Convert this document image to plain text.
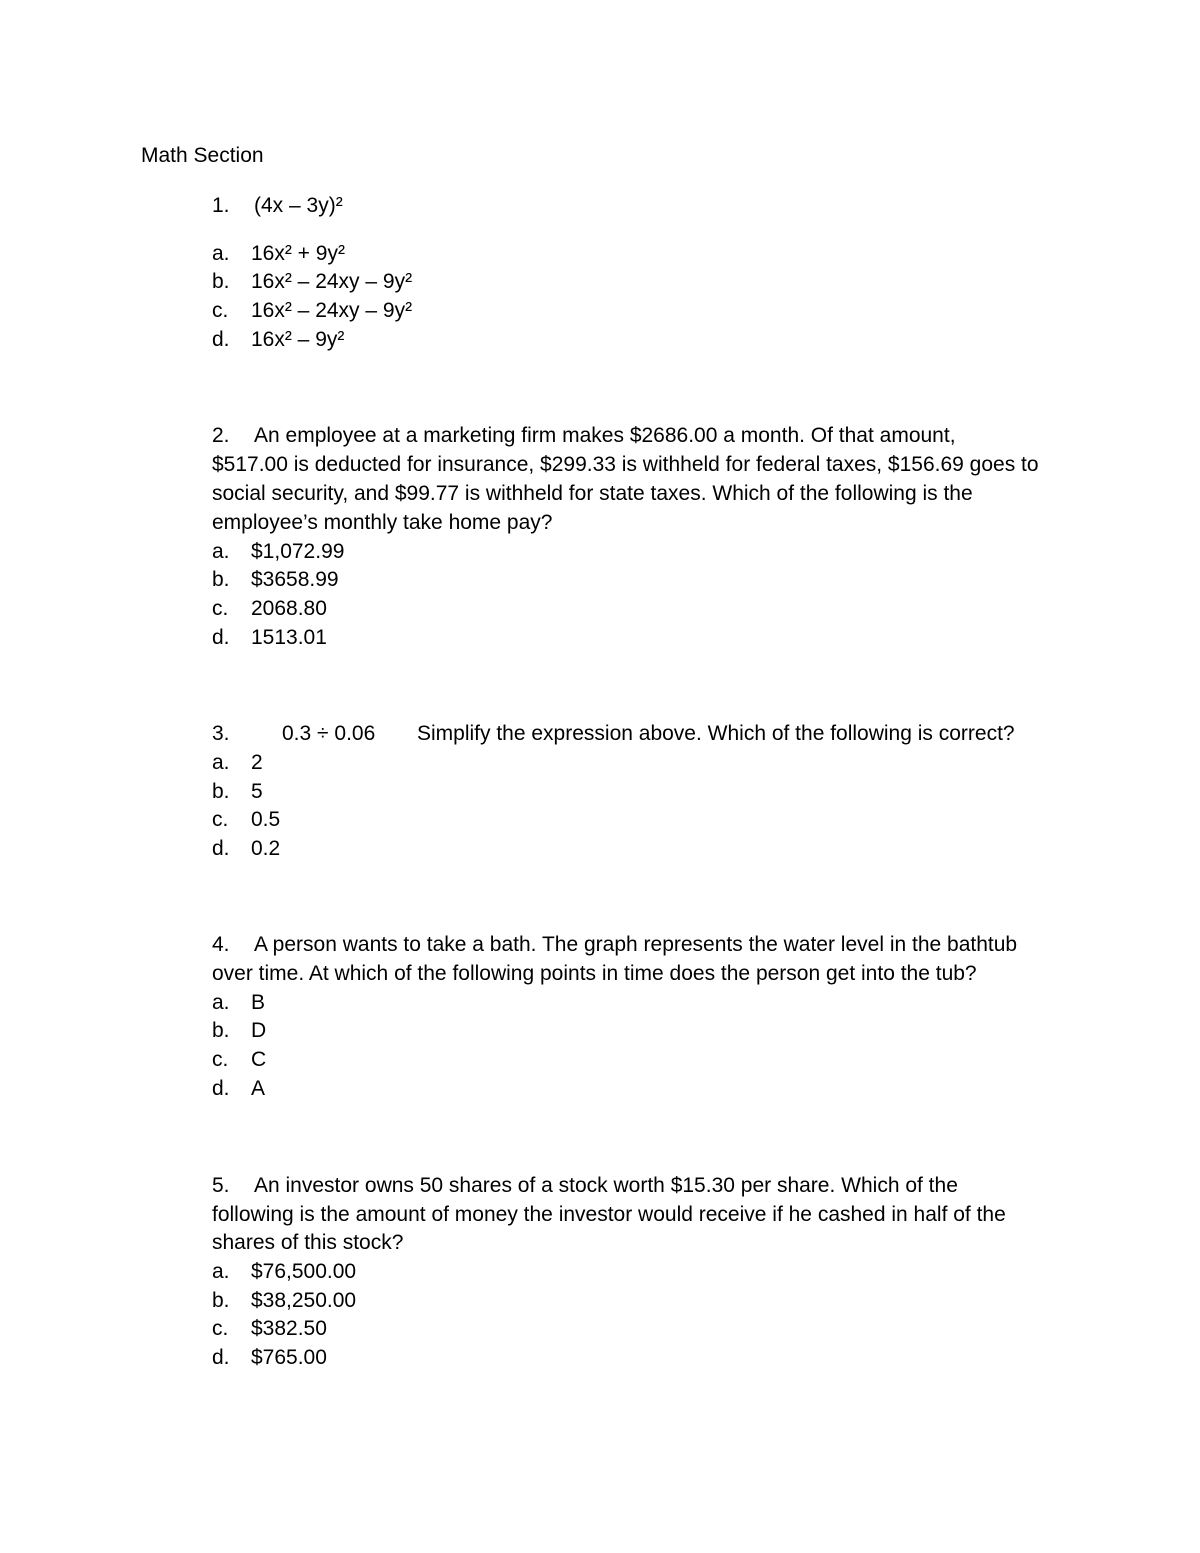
Math Section
1. (4x – 3y)²
a. 16x² + 9y²
b. 16x² – 24xy – 9y²
c. 16x² – 24xy – 9y²
d. 16x² – 9y²
2. An employee at a marketing firm makes $2686.00 a month. Of that amount,
$517.00 is deducted for insurance, $299.33 is withheld for federal taxes, $156.69 goes to
social security, and $99.77 is withheld for state taxes. Which of the following is the
employee’s monthly take home pay?
a. $1,072.99
b. $3658.99
c. 2068.80
d. 1513.01
3. 0.3 ÷ 0.06 Simplify the expression above. Which of the following is correct?
a. 2
b. 5
c. 0.5
d. 0.2
4. A person wants to take a bath. The graph represents the water level in the bathtub
over time. At which of the following points in time does the person get into the tub?
a. B
b. D
c. C
d. A
5. An investor owns 50 shares of a stock worth $15.30 per share. Which of the
following is the amount of money the investor would receive if he cashed in half of the
shares of this stock?
a. $76,500.00
b. $38,250.00
c. $382.50
d. $765.00
